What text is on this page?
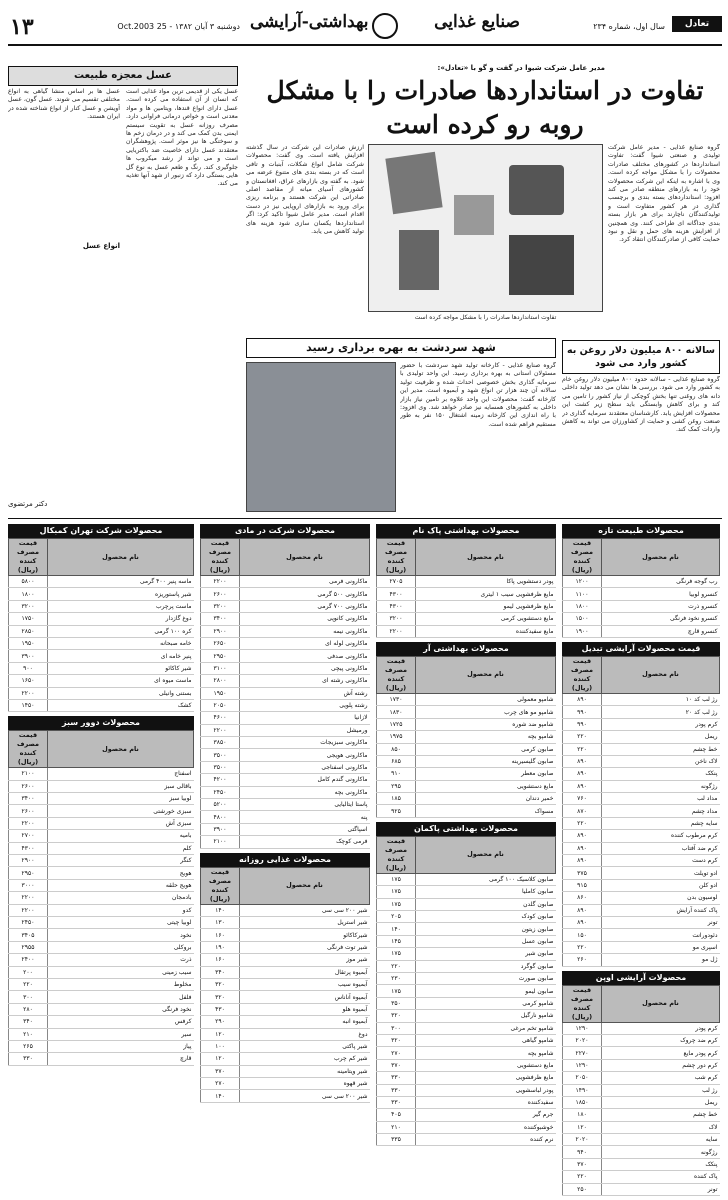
۱۳	دوشنبه ۳ آبان ۱۳۸۲ - 25 Oct.2003 بهداشتی-آرایشی	صنایع غذایی	سال اول، شماره ۲۳۴	تعادل
مدیر عامل شرکت شیوا در گفت و گو با «تعادل»:
تفاوت در استانداردها صادرات را با مشکل روبه رو کرده است
گروه صنایع غذایی - مدیر عامل شرکت تولیدی و صنعتی شیوا گفت: تفاوت استانداردها در کشورهای مختلف صادرات محصولات را با مشکل مواجه کرده است. وی با اشاره به اینکه این شرکت محصولات خود را به بازارهای منطقه صادر می کند افزود: استانداردهای بسته بندی و برچسب گذاری در هر کشور متفاوت است و تولیدکنندگان ناچارند برای هر بازار بسته بندی جداگانه ای طراحی کنند. وی همچنین از افزایش هزینه های حمل و نقل و نبود حمایت کافی از صادرکنندگان انتقاد کرد.
تفاوت استانداردها صادرات را با مشکل مواجه کرده است
ارزش صادرات این شرکت در سال گذشته افزایش یافته است. وی گفت: محصولات شرکت شامل انواع شکلات، آبنبات و تافی است که در بسته بندی های متنوع عرضه می شود. به گفته وی بازارهای عراق، افغانستان و کشورهای آسیای میانه از مقاصد اصلی صادراتی این شرکت هستند و برنامه ریزی برای ورود به بازارهای اروپایی نیز در دست اقدام است. مدیر عامل شیوا تاکید کرد: اگر استانداردها یکسان سازی شود هزینه های تولید کاهش می یابد.
عسل معجزه طبیعت
عسل یکی از قدیمی ترین مواد غذایی است که انسان از آن استفاده می کرده است. عسل دارای انواع قندها، ویتامین ها و مواد معدنی است و خواص درمانی فراوانی دارد. مصرف روزانه عسل به تقویت سیستم ایمنی بدن کمک می کند و در درمان زخم ها و سوختگی ها نیز موثر است. پژوهشگران معتقدند عسل دارای خاصیت ضد باکتریایی است و می تواند از رشد میکروب ها جلوگیری کند. رنگ و طعم عسل به نوع گل هایی بستگی دارد که زنبور از شهد آنها تغذیه می کند.
عسل ها بر اساس منشا گیاهی به انواع مختلفی تقسیم می شوند. عسل گون، عسل آویشن و عسل کنار از انواع شناخته شده در ایران هستند.
انواع عسل
دکتر مرتضوی
شهد سردشت به بهره برداری رسید
گروه صنایع غذایی - کارخانه تولید شهد سردشت با حضور مسئولان استانی به بهره برداری رسید. این واحد تولیدی با سرمایه گذاری بخش خصوصی احداث شده و ظرفیت تولید سالانه آن چند هزار تن انواع شهد و آبمیوه است. مدیر این کارخانه گفت: محصولات این واحد علاوه بر تامین نیاز بازار داخلی به کشورهای همسایه نیز صادر خواهد شد. وی افزود: با راه اندازی این کارخانه زمینه اشتغال ۱۵۰ نفر به طور مستقیم فراهم شده است.
سالانه ۸۰۰ میلیون دلار روغن به کشور وارد می شود
گروه صنایع غذایی - سالانه حدود ۸۰۰ میلیون دلار روغن خام به کشور وارد می شود. بررسی ها نشان می دهد تولید داخلی دانه های روغنی تنها بخش کوچکی از نیاز کشور را تامین می کند و برای کاهش وابستگی باید سطح زیر کشت این محصولات افزایش یابد. کارشناسان معتقدند سرمایه گذاری در صنعت روغن کشی و حمایت از کشاورزان می تواند به کاهش واردات کمک کند.
محصولات طبیعت تازه
نام محصول	قیمت مصرف کننده (ریال)
رب گوجه فرنگی	۱۲۰۰
کنسرو لوبیا	۱۱۰۰
کنسرو ذرت	۱۸۰۰
کنسرو نخود فرنگی	۱۵۰۰
کنسرو قارچ	۱۹۰۰
قیمت محصولات آرایشی تبدیل
نام محصول	قیمت مصرف کننده (ریال)
رژ لب کد ۱۰	۸۹۰
رژ لب کد ۲۰	۹۹۰
کرم پودر	۹۹۰
ریمل	۲۲۰
خط چشم	۲۲۰
لاک ناخن	۸۹۰
پنکک	۸۹۰
رژگونه	۸۹۰
مداد لب	۷۶۰
مداد چشم	۸۷۰
سایه چشم	۲۲۰
کرم مرطوب کننده	۸۹۰
کرم ضد آفتاب	۸۹۰
کرم دست	۸۹۰
ادو تویلت	۳۷۵
ادو کلن	۹۱۵
لوسیون بدن	۸۶۰
پاک کننده آرایش	۸۹۰
تونر	۸۹۰
دئودورانت	۱۵۰
اسپری مو	۲۲۰
ژل مو	۲۶۰
محصولات آرایشی اوپن
نام محصول	قیمت مصرف کننده (ریال)
کرم پودر	۱۲۹۰
کرم ضد چروک	۲۰۲۰
کرم پودر مایع	۲۲۷۰
کرم دور چشم	۱۲۹۰
کرم شب	۲۰۵۰
رژ لب	۱۴۹۰
ریمل	۱۸۵۰
خط چشم	۱۸۰
لاک	۱۲۰
سایه	۲۰۲۰
رژگونه	۹۴۰
پنکک	۳۷۰
پاک کننده	۲۲۰
تونر	۲۵۰
محصولات بهداشتی پاک نام
نام محصول	قیمت مصرف کننده (ریال)
پودر دستشویی پاکا	۲۷۰۵
مایع ظرفشویی سیب ۱ لیتری	۴۳۰۰
مایع ظرفشویی لیمو	۴۳۰۰
مایع دستشویی کرمی	۳۲۰۰
مایع سفیدکننده	۲۲۰۰
محصولات بهداشتی آر
نام محصول	قیمت مصرف کننده (ریال)
شامپو معمولی	۱۷۳۰
شامپو مو های چرب	۱۸۳۰
شامپو ضد شوره	۱۷۲۵
شامپو بچه	۱۹۷۵
صابون کرمی	۸۵۰
صابون گلیسیرینه	۶۸۵
صابون معطر	۹۱۰
مایع دستشویی	۲۹۵
خمیر دندان	۱۸۵
مسواک	۹۲۵
محصولات بهداشتی پاکمان
نام محصول	قیمت مصرف کننده (ریال)
صابون کلاسیک ۱۰۰ گرمی	۱۷۵
صابون کاملیا	۱۷۵
صابون گلدن	۱۷۵
صابون کودک	۲۰۵
صابون زیتون	۱۴۰
صابون عسل	۱۴۵
صابون شیر	۱۷۵
صابون گوگرد	۲۲۰
صابون صورت	۲۳۰
صابون لیمو	۱۷۵
شامپو کرمی	۳۵۰
شامپو نارگیل	۳۲۰
شامپو تخم مرغی	۳۰۰
شامپو گیاهی	۳۲۰
شامپو بچه	۲۷۰
مایع دستشویی	۳۷۰
مایع ظرفشویی	۳۳۰
پودر لباسشویی	۳۳۰
سفیدکننده	۳۳۰
جرم گیر	۴۰۵
خوشبوکننده	۲۱۰
نرم کننده	۳۳۵
محصولات شرکت در مادی
نام محصول	قیمت مصرف کننده (ریال)
ماکارونی فرمی	۲۲۰۰
ماکارونی ۵۰۰ گرمی	۲۶۰۰
ماکارونی ۷۰۰ گرمی	۳۲۰۰
ماکارونی کانوپی	۳۴۰۰
ماکارونی نیمه	۲۹۰۰
ماکارونی لوله ای	۲۶۵۰
ماکارونی صدفی	۲۹۵۰
ماکارونی پیچی	۳۱۰۰
ماکارونی رشته ای	۲۸۰۰
رشته آش	۱۹۵۰
رشته پلویی	۲۰۵۰
لازانیا	۴۶۰۰
ورمیشل	۲۲۰۰
ماکارونی سبزیجات	۳۸۵۰
ماکارونی هویجی	۳۵۰۰
ماکارونی اسفناجی	۳۵۰۰
ماکارونی گندم کامل	۴۲۰۰
ماکارونی بچه	۲۴۵۰
پاستا ایتالیایی	۵۲۰۰
پنه	۴۸۰۰
اسپاگتی	۳۹۰۰
فرمی کوچک	۲۱۰۰
محصولات غذایی روزانه
نام محصول	قیمت مصرف کننده (ریال)
شیر ۲۰۰ سی سی	۱۴۰
شیر استریل	۱۳۰
شیرکاکائو	۱۶۰
شیر توت فرنگی	۱۹۰
شیر موز	۱۶۰
آبمیوه پرتقال	۳۴۰
آبمیوه سیب	۳۲۰
آبمیوه آناناس	۳۲۰
آبمیوه هلو	۴۳۰
آبمیوه انبه	۲۹۰
دوغ	۱۲۰
شیر پاکتی	۱۰۰
شیر کم چرب	۱۲۰
شیر ویتامینه	۳۷۰
شیر قهوه	۲۷۰
شیر ۲۰۰ سی سی	۱۴۰
محصولات شرکت تهران کمبکال
نام محصول	قیمت مصرف کننده (ریال)
ماسه پنیر ۴۰۰ گرمی	۵۸۰۰
شیر پاستوریزه	۱۸۰۰
ماست پرچرب	۳۲۰۰
دوغ گازدار	۱۷۵۰
کره ۱۰۰ گرمی	۲۸۵۰
خامه صبحانه	۱۹۵۰
پنیر خامه ای	۳۹۰۰
شیر کاکائو	۹۰۰
ماست میوه ای	۱۶۵۰
بستنی وانیلی	۲۲۰۰
کشک	۱۴۵۰
محصولات دوور سبز
نام محصول	قیمت مصرف کننده (ریال)
اسفناج	۲۱۰۰
باقالی سبز	۲۶۰۰
لوبیا سبز	۳۴۰۰
سبزی خورشتی	۲۶۰۰
سبزی آش	۲۲۰۰
بامیه	۲۷۰۰
کلم	۴۳۰۰
کنگر	۲۹۰۰
هویج	۲۹۵۰
هویج حلقه	۳۰۰۰
بادمجان	۲۲۰۰
کدو	۲۲۰۰
لوبیا چیتی	۲۴۵۰
نخود	۳۴۰۵
بروکلی	۲۹۵۵
ذرت	۲۴۰۰
سیب زمینی	۲۰۰
مخلوط	۲۲۰
فلفل	۳۰۰
نخود فرنگی	۲۸۰
کرفس	۳۴۰
سیر	۲۱۰
پیاز	۲۶۵
قارچ	۳۳۰
